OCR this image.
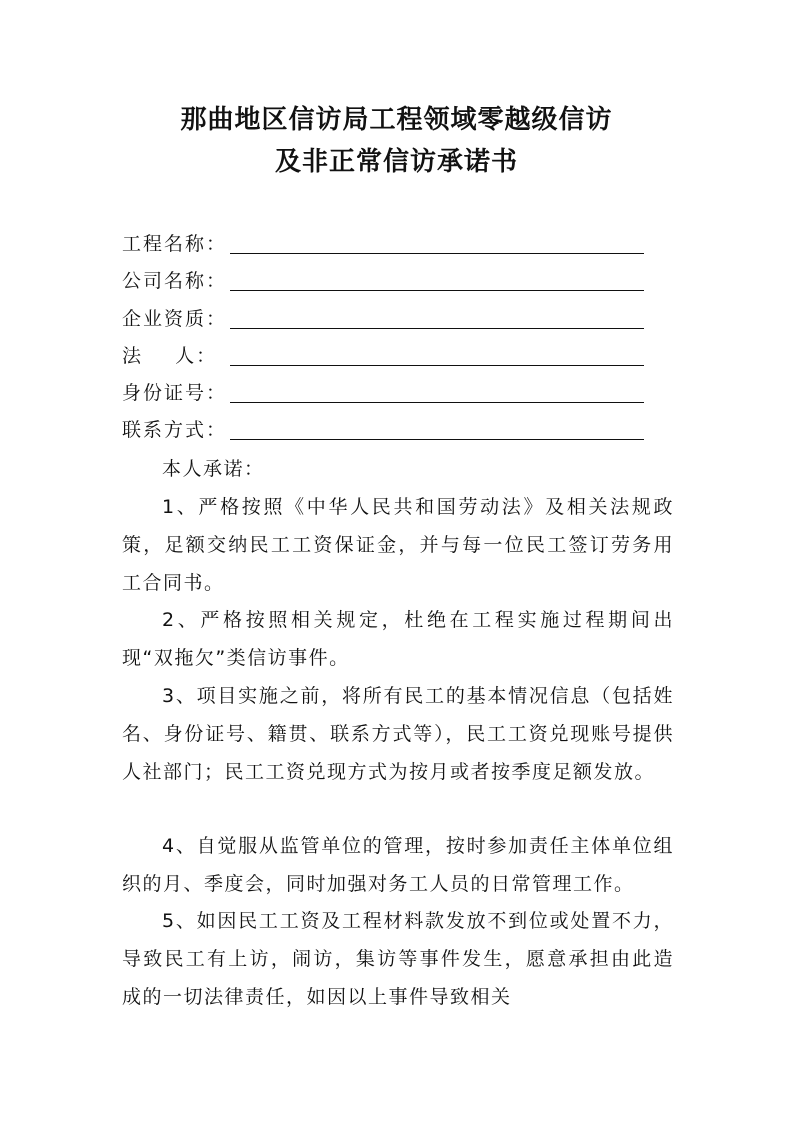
那曲地区信访局工程领域零越级信访
及非正常信访承诺书
工程名称：
公司名称：
企业资质：
法    人：
身份证号：
联系方式：

本人承诺：

1、严格按照《中华人民共和国劳动法》及相关法规政策，足额交纳民工工资保证金，并与每一位民工签订劳务用工合同书。

2、严格按照相关规定，杜绝在工程实施过程期间出现“双拖欠”类信访事件。

3、项目实施之前，将所有民工的基本情况信息（包括姓名、身份证号、籍贯、联系方式等），民工工资兑现账号提供人社部门；民工工资兑现方式为按月或者按季度足额发放。

4、自觉服从监管单位的管理，按时参加责任主体单位组织的月、季度会，同时加强对务工人员的日常管理工作。

5、如因民工工资及工程材料款发放不到位或处置不力，导致民工有上访，闹访，集访等事件发生，愿意承担由此造成的一切法律责任，如因以上事件导致相关
